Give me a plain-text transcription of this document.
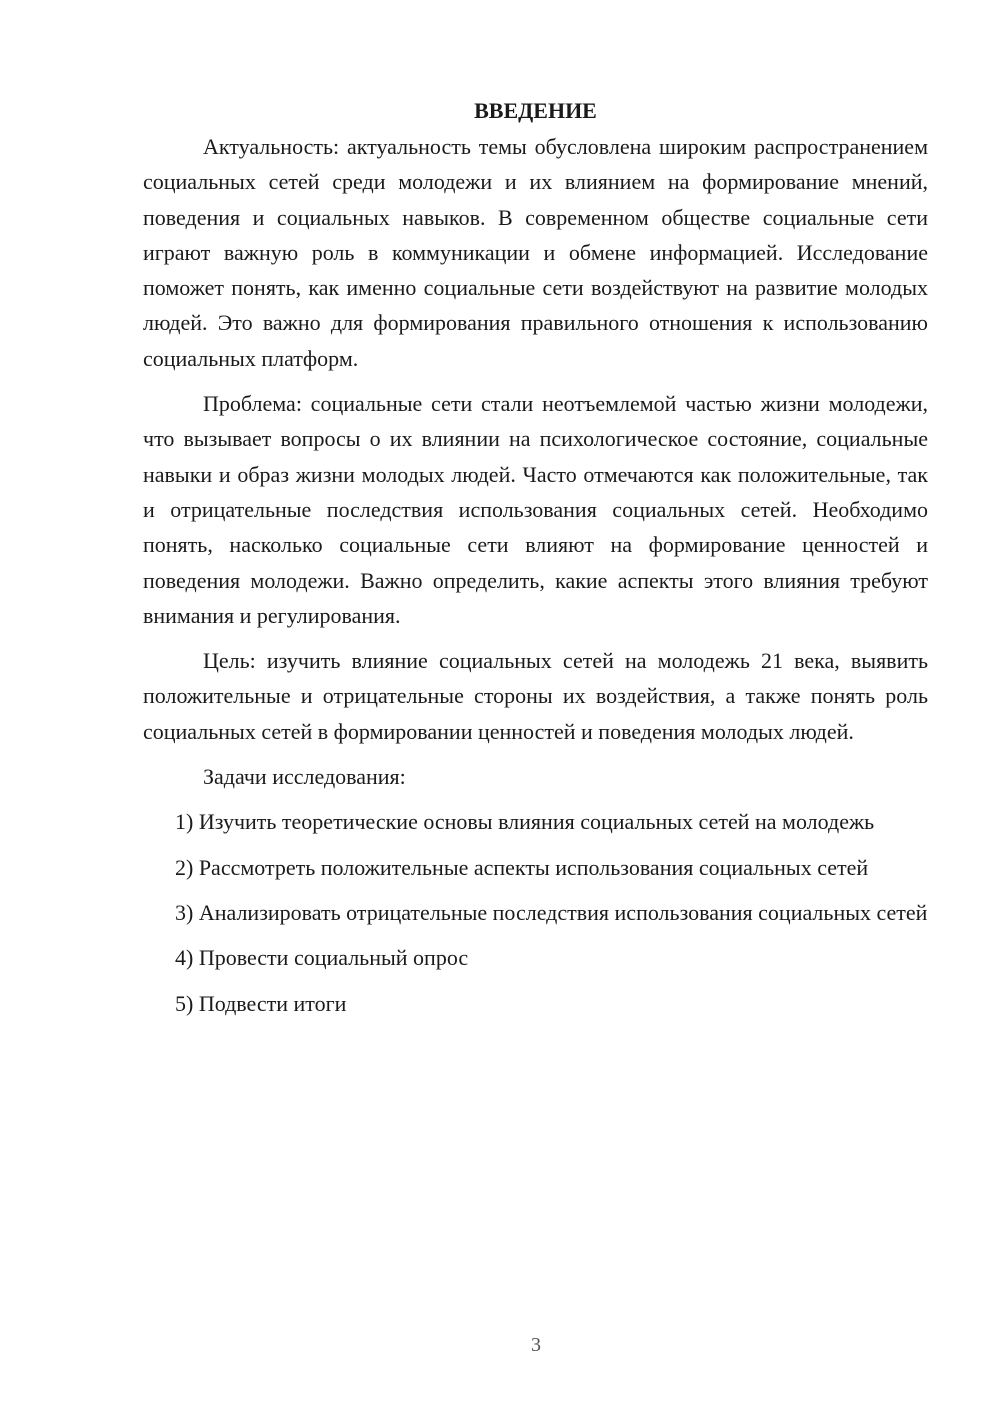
ВВЕДЕНИЕ

Актуальность: актуальность темы обусловлена широким распространением социальных сетей среди молодежи и их влиянием на формирование мнений, поведения и социальных навыков. В современном обществе социальные сети играют важную роль в коммуникации и обмене информацией. Исследование поможет понять, как именно социальные сети воздействуют на развитие молодых людей. Это важно для формирования правильного отношения к использованию социальных платформ.

Проблема: социальные сети стали неотъемлемой частью жизни молодежи, что вызывает вопросы о их влиянии на психологическое состояние, социальные навыки и образ жизни молодых людей. Часто отмечаются как положительные, так и отрицательные последствия использования социальных сетей. Необходимо понять, насколько социальные сети влияют на формирование ценностей и поведения молодежи. Важно определить, какие аспекты этого влияния требуют внимания и регулирования.

Цель: изучить влияние социальных сетей на молодежь 21 века, выявить положительные и отрицательные стороны их воздействия, а также понять роль социальных сетей в формировании ценностей и поведения молодых людей.

Задачи исследования:

1) Изучить теоретические основы влияния социальных сетей на молодежь

2) Рассмотреть положительные аспекты использования социальных сетей

3) Анализировать отрицательные последствия использования социальных сетей

4) Провести социальный опрос

5) Подвести итоги

3
